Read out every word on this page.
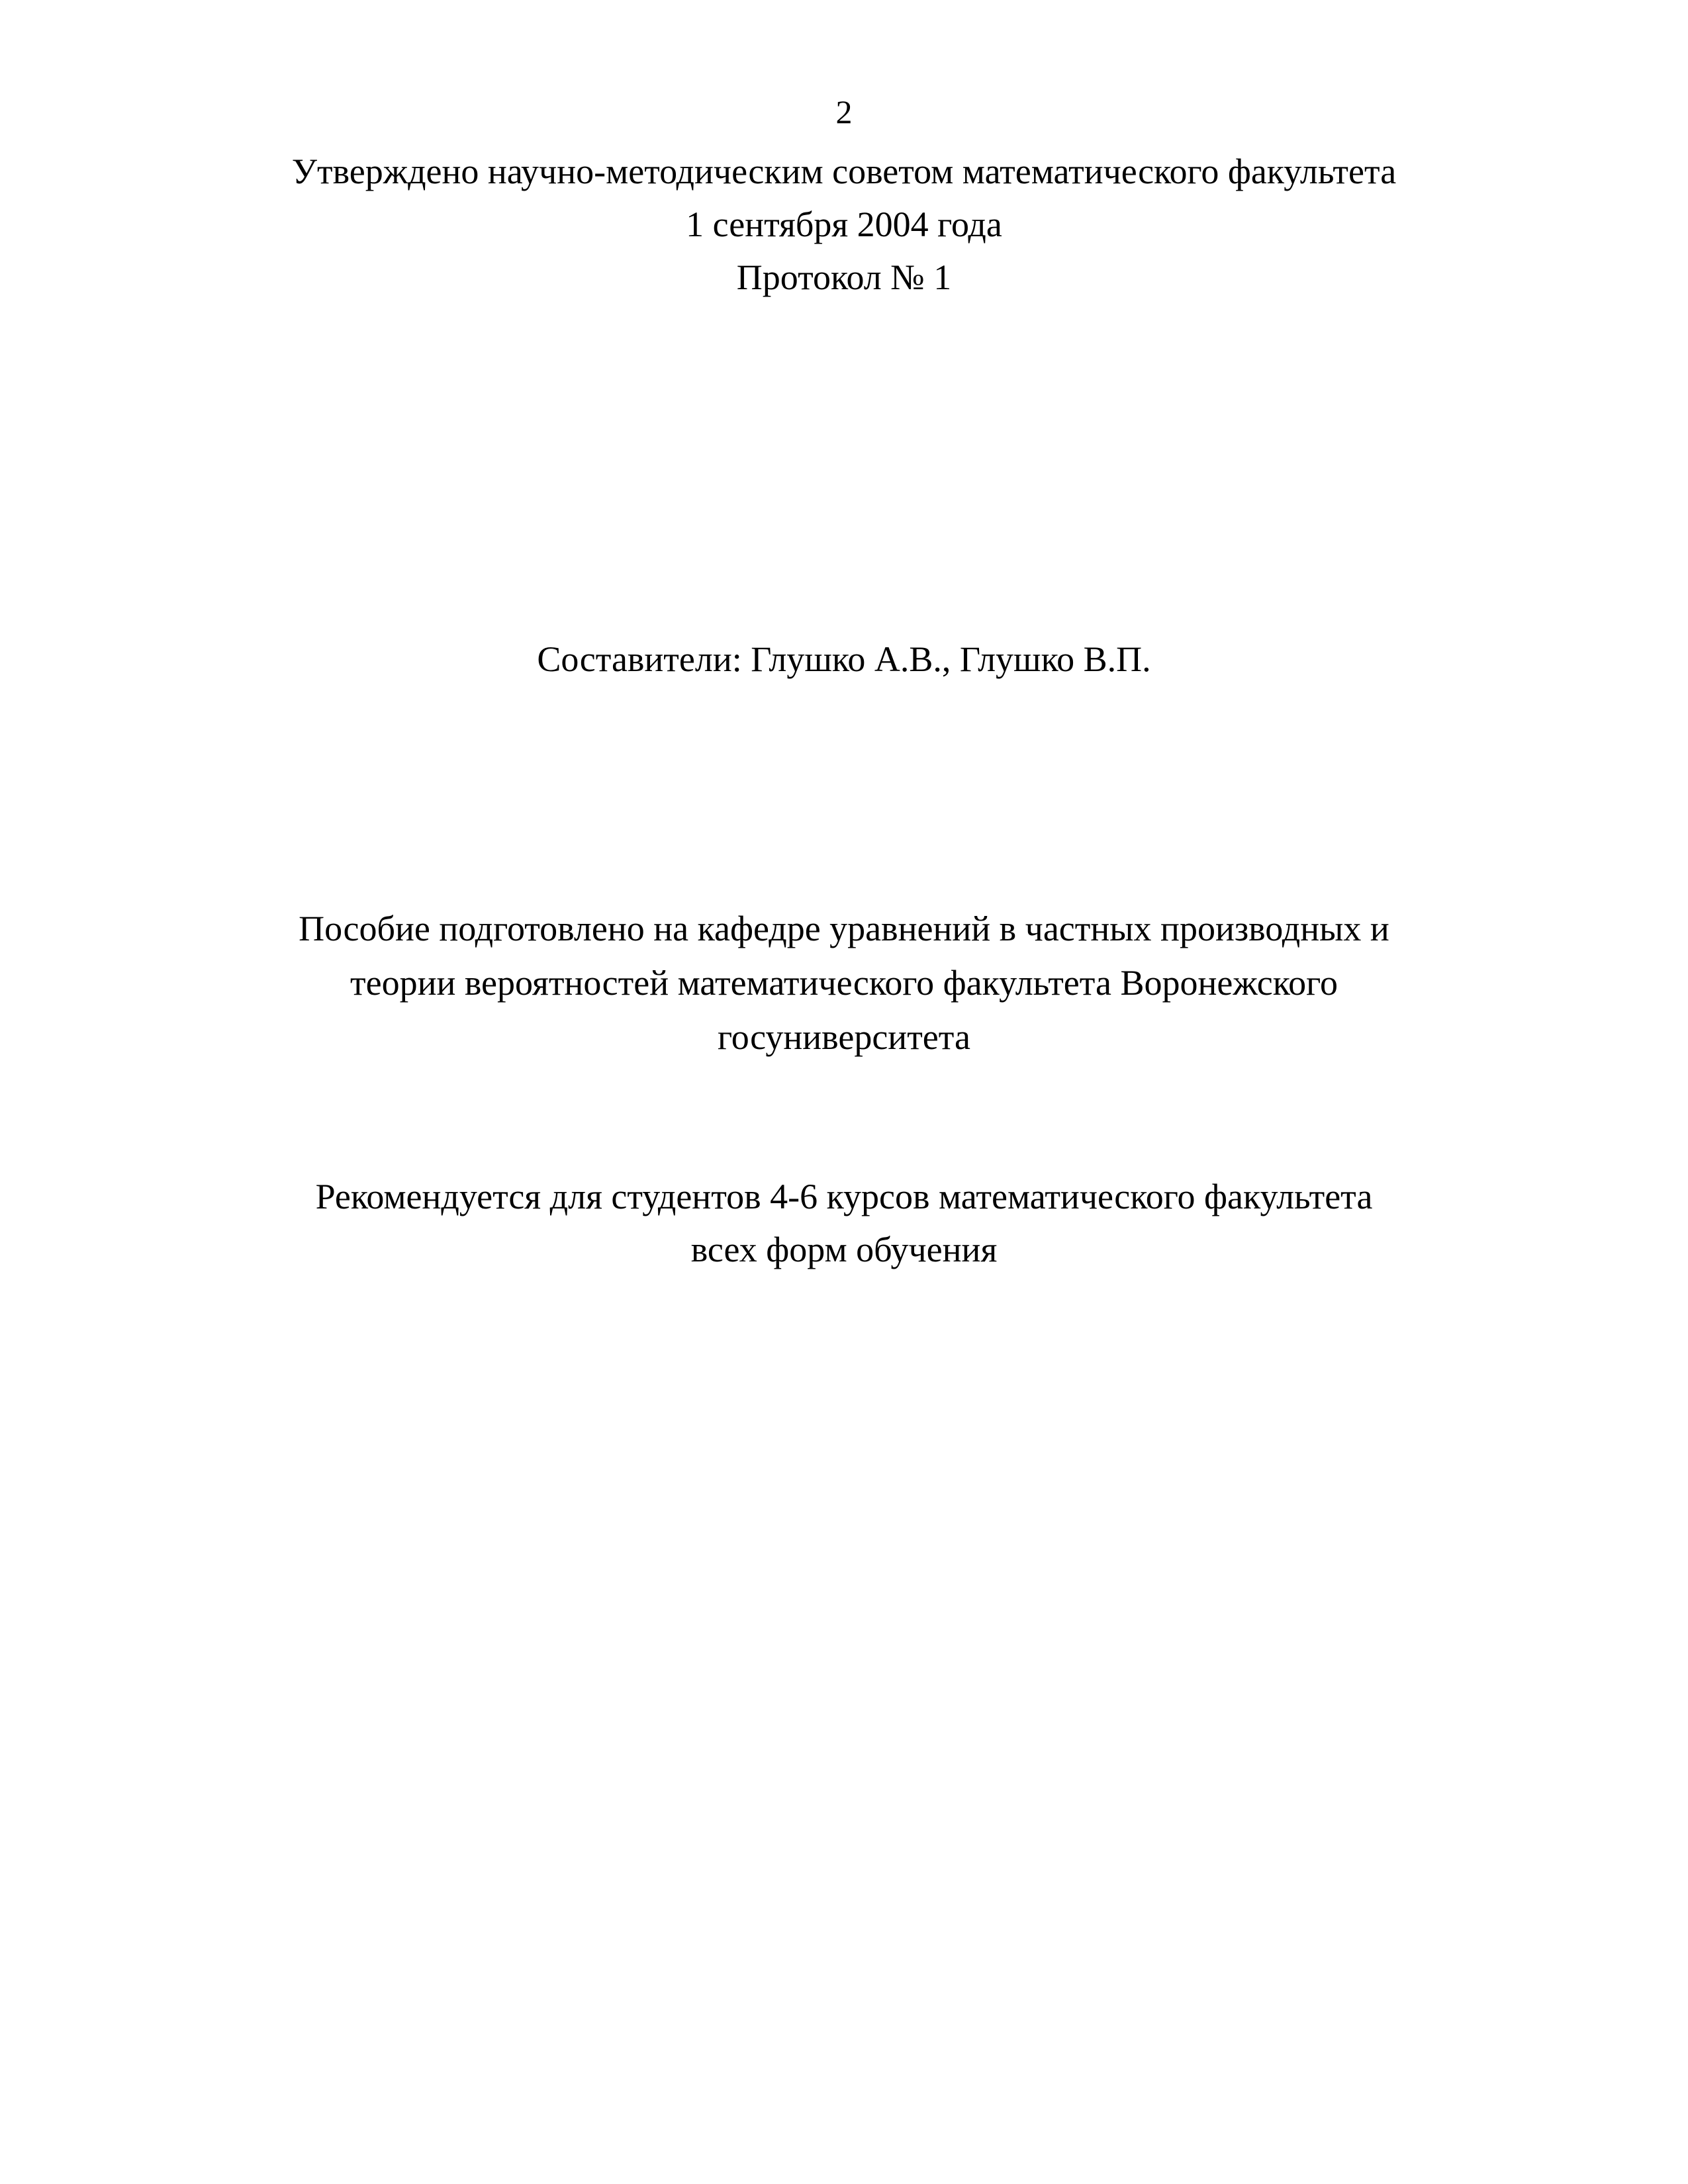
2
Утверждено научно-методическим советом математического факультета
1 сентября 2004 года
Протокол № 1
Составители: Глушко А.В., Глушко В.П.
Пособие подготовлено на кафедре уравнений в частных производных и
теории вероятностей математического факультета Воронежского
госуниверситета
Рекомендуется для студентов 4-6 курсов математического факультета
всех форм обучения
